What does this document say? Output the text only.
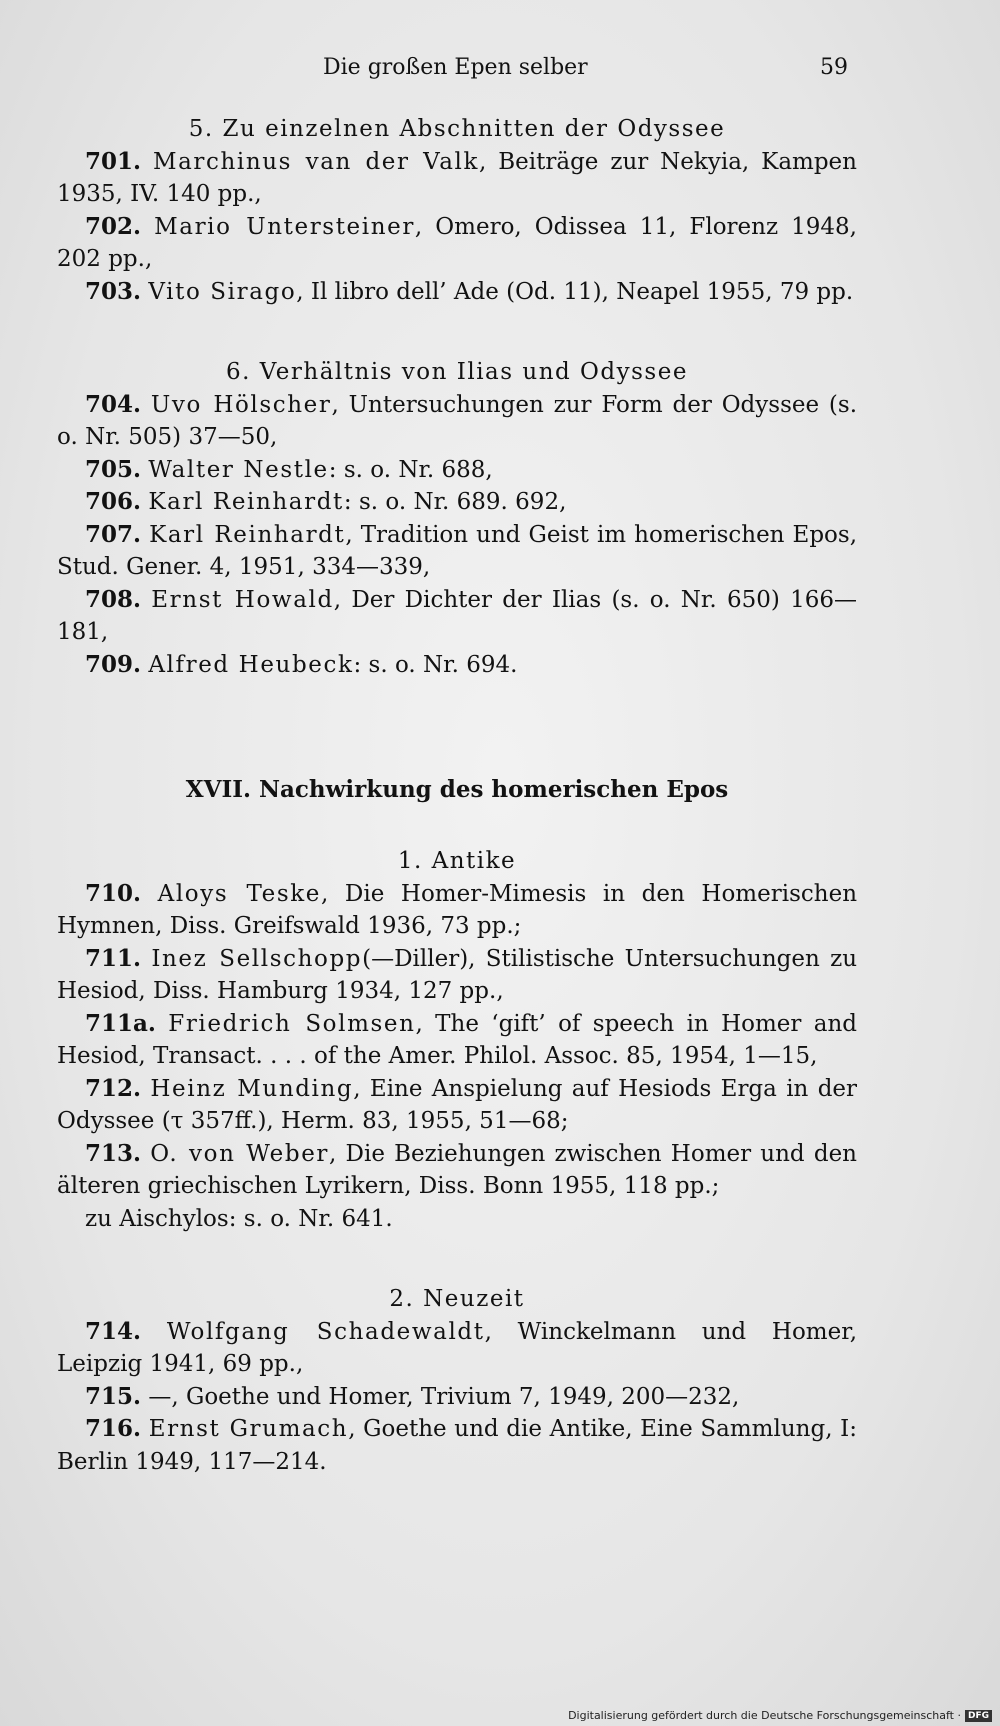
Die großen Epen selber	59
5. Zu einzelnen Abschnitten der Odyssee
701. Marchinus van der Valk, Beiträge zur Nekyia, Kampen 1935, IV. 140 pp.,
702. Mario Untersteiner, Omero, Odissea 11, Florenz 1948, 202 pp.,
703. Vito Sirago, Il libro dell’ Ade (Od. 11), Neapel 1955, 79 pp.
6. Verhältnis von Ilias und Odyssee
704. Uvo Hölscher, Untersuchungen zur Form der Odyssee (s. o. Nr. 505) 37—50,
705. Walter Nestle: s. o. Nr. 688,
706. Karl Reinhardt: s. o. Nr. 689. 692,
707. Karl Reinhardt, Tradition und Geist im homerischen Epos, Stud. Gener. 4, 1951, 334—339,
708. Ernst Howald, Der Dichter der Ilias (s. o. Nr. 650) 166—181,
709. Alfred Heubeck: s. o. Nr. 694.
XVII. Nachwirkung des homerischen Epos
1. Antike
710. Aloys Teske, Die Homer-Mimesis in den Homerischen Hymnen, Diss. Greifswald 1936, 73 pp.;
711. Inez Sellschopp(—Diller), Stilistische Untersuchungen zu Hesiod, Diss. Hamburg 1934, 127 pp.,
711a. Friedrich Solmsen, The ‘gift’ of speech in Homer and Hesiod, Transact. . . . of the Amer. Philol. Assoc. 85, 1954, 1—15,
712. Heinz Munding, Eine Anspielung auf Hesiods Erga in der Odyssee (τ 357ff.), Herm. 83, 1955, 51—68;
713. O. von Weber, Die Beziehungen zwischen Homer und den älteren griechischen Lyrikern, Diss. Bonn 1955, 118 pp.;
zu Aischylos: s. o. Nr. 641.
2. Neuzeit
714. Wolfgang Schadewaldt, Winckelmann und Homer, Leipzig 1941, 69 pp.,
715. —, Goethe und Homer, Trivium 7, 1949, 200—232,
716. Ernst Grumach, Goethe und die Antike, Eine Sammlung, I: Berlin 1949, 117—214.
Digitalisierung gefördert durch die Deutsche Forschungsgemeinschaft · DFG
